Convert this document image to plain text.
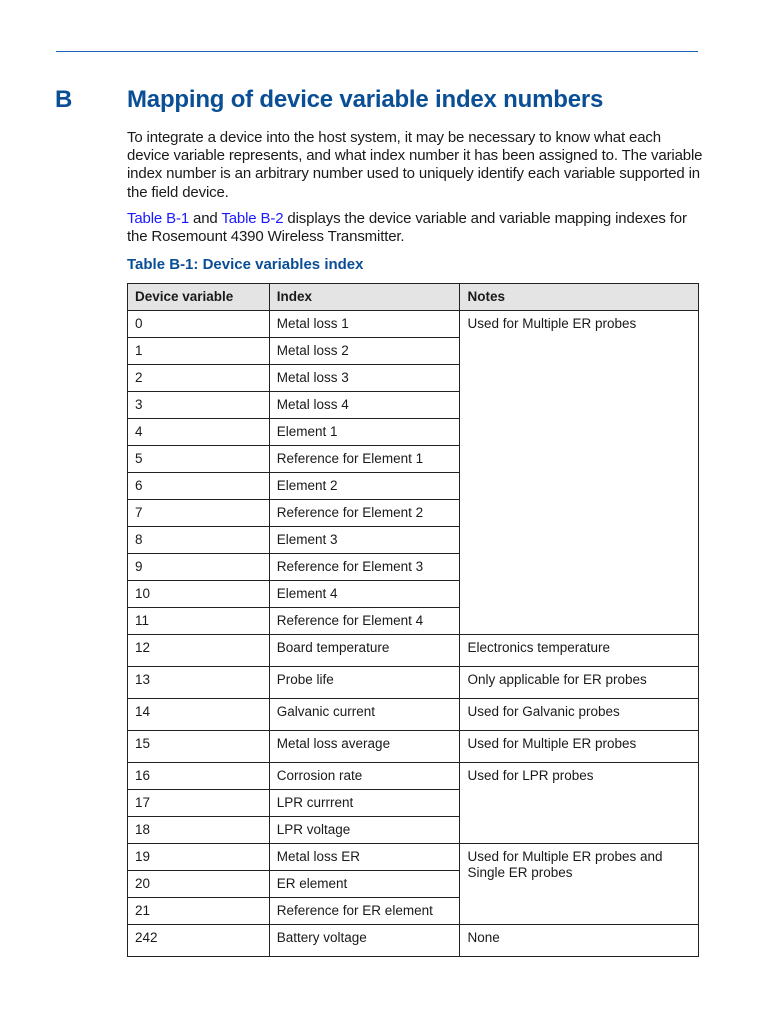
B Mapping of device variable index numbers
To integrate a device into the host system, it may be necessary to know what each device variable represents, and what index number it has been assigned to. The variable index number is an arbitrary number used to uniquely identify each variable supported in the field device.
Table B-1 and Table B-2 displays the device variable and variable mapping indexes for the Rosemount 4390 Wireless Transmitter.
Table B-1: Device variables index
Device variable	Index	Notes
0	Metal loss 1	Used for Multiple ER probes
1	Metal loss 2	
2	Metal loss 3	
3	Metal loss 4	
4	Element 1	
5	Reference for Element 1	
6	Element 2	
7	Reference for Element 2	
8	Element 3	
9	Reference for Element 3	
10	Element 4	
11	Reference for Element 4	
12	Board temperature	Electronics temperature
13	Probe life	Only applicable for ER probes
14	Galvanic current	Used for Galvanic probes
15	Metal loss average	Used for Multiple ER probes
16	Corrosion rate	Used for LPR probes
17	LPR currrent	
18	LPR voltage	
19	Metal loss ER	Used for Multiple ER probes and Single ER probes
20	ER element	
21	Reference for ER element	
242	Battery voltage	None
